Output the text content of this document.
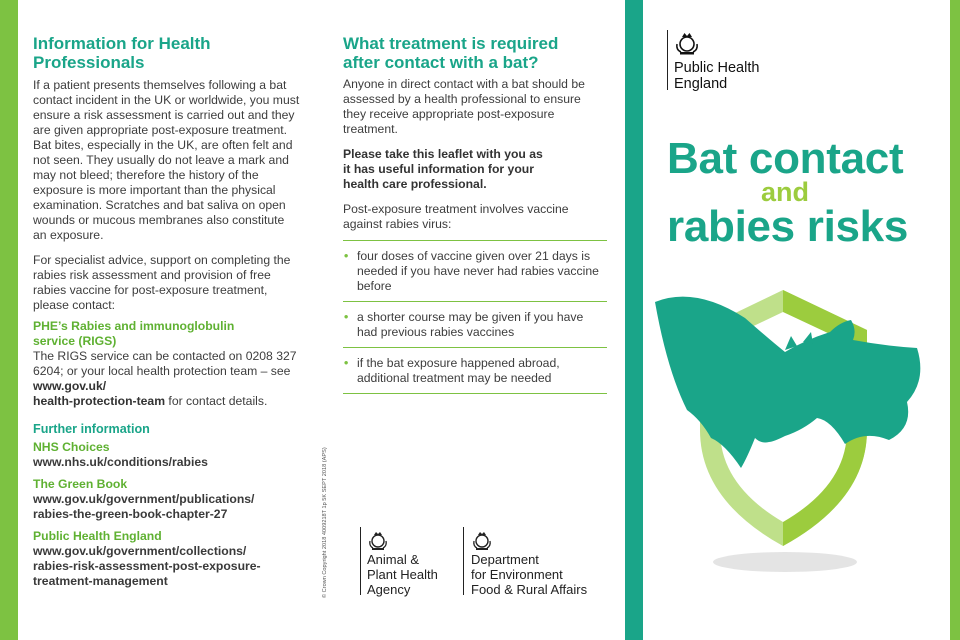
Information for Health
Professionals

If a patient presents themselves following a bat contact incident in the UK or worldwide, you must ensure a risk assessment is carried out and they are given appropriate post-exposure treatment. Bat bites, especially in the UK, are often felt and not seen. They usually do not leave a mark and may not bleed; therefore the history of the exposure is more important than the physical examination. Scratches and bat saliva on open wounds or mucous membranes also constitute an exposure.

For specialist advice, support on completing the rabies risk assessment and provision of free rabies vaccine for post-exposure treatment, please contact:

PHE’s Rabies and immunoglobulin
service (RIGS)

The RIGS service can be contacted on 0208 327 6204; or your local health protection team – see www.gov.uk/
health-protection-team for contact details.

Further information
NHS Choices
www.nhs.uk/conditions/rabies
The Green Book
www.gov.uk/government/publications/
rabies-the-green-book-chapter-27
Public Health England
www.gov.uk/government/collections/
rabies-risk-assessment-post-exposure-
treatment-management
What treatment is required
after contact with a bat?

Anyone in direct contact with a bat should be assessed by a health professional to ensure they receive appropriate post-exposure treatment.

Please take this leaflet with you as it has useful information for your health care professional.

Post-exposure treatment involves vaccine against rabies virus:

• four doses of vaccine given over 21 days is needed if you have never had rabies vaccine before
• a shorter course may be given if you have had previous rabies vaccines
• if the bat exposure happened abroad, additional treatment may be needed
© Crown Copyright 2018 4009218T 1p 5K SEPT 2018 (APS)	Animal &
Plant Health
Agency
Department
for Environment
Food & Rural Affairs
Public Health
England
Bat contact
and
rabies risks
